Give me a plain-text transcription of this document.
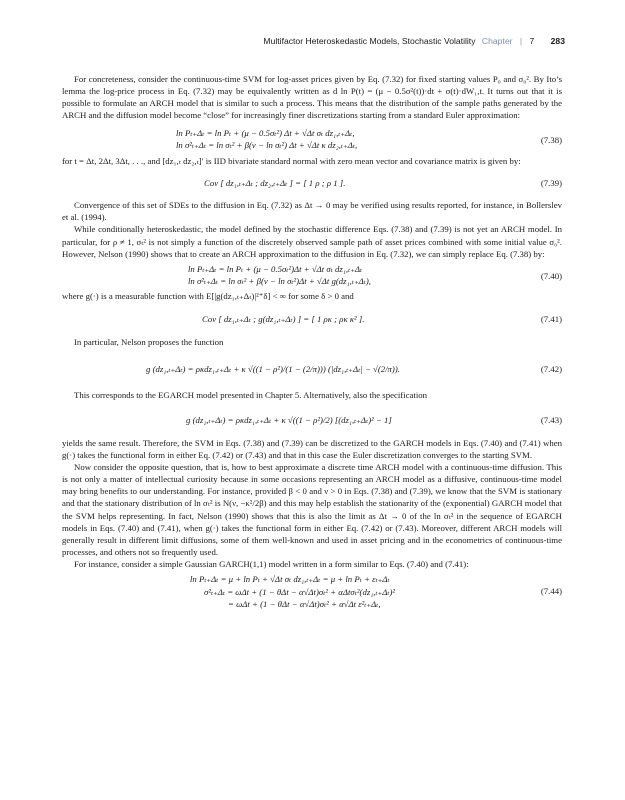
Multifactor Heteroskedastic Models, Stochastic Volatility Chapter | 7 283

For concreteness, consider the continuous-time SVM for log-asset prices given by Eq. (7.32) for fixed starting values P₀ and σ₀². By Ito’s lemma the log-price process in Eq. (7.32) may be equivalently written as d ln P(t) = (μ − 0.5σ²(t))·dt + σ(t)·dW₁,t. It turns out that it is possible to formulate an ARCH model that is similar to such a process. This means that the distribution of the sample paths generated by the ARCH and the diffusion model become “close” for increasingly finer discretizations starting from a standard Euler approximation:

(7.38)
ln Pₜ₊Δₜ = ln Pₜ + (μ − 0.5σₜ²) Δt + √Δt σₜ dz₁,ₜ₊Δₜ,
ln σ²ₜ₊Δₜ = ln σₜ² + β(ν − ln σₜ²) Δt + √Δt κ dz₂,ₜ₊Δₜ,

for t = Δt, 2Δt, 3Δt, . . ., and [dz₁,ₜ dz₂,ₜ]′ is IID bivariate standard normal with zero mean vector and covariance matrix is given by:

(7.39)
Cov [ dz₁,ₜ₊Δₜ ; dz₂,ₜ₊Δₜ ] = [ 1 ρ ; ρ 1 ].

Convergence of this set of SDEs to the diffusion in Eq. (7.32) as Δt → 0 may be verified using results reported, for instance, in Bollerslev et al. (1994).

While conditionally heteroskedastic, the model defined by the stochastic difference Eqs. (7.38) and (7.39) is not yet an ARCH model. In particular, for ρ ≠ 1, σₜ² is not simply a function of the discretely observed sample path of asset prices combined with some initial value σ₀². However, Nelson (1990) shows that to create an ARCH approximation to the diffusion in Eq. (7.32), we can simply replace Eq. (7.38) by:

(7.40)
ln Pₜ₊Δₜ = ln Pₜ + (μ − 0.5σₜ²)Δt + √Δt σₜ dz₁,ₜ₊Δₜ
ln σ²ₜ₊Δₜ = ln σₜ² + β(ν − ln σₜ²)Δt + √Δt g(dz₁,ₜ₊Δₜ),

where g(·) is a measurable function with E[|g(dz₁,ₜ₊Δₜ)|²⁺δ] < ∞ for some δ > 0 and

(7.41)
Cov [ dz₁,ₜ₊Δₜ ; g(dz₁,ₜ₊Δₜ) ] = [ 1 ρκ ; ρκ κ² ].

In particular, Nelson proposes the function

(7.42)
g (dz₁,ₜ₊Δₜ) = ρκdz₁,ₜ₊Δₜ + κ √((1 − ρ²)/(1 − (2/π))) (|dz₁,ₜ₊Δₜ| − √(2/π)).

This corresponds to the EGARCH model presented in Chapter 5. Alternatively, also the specification

(7.43)
g (dz₁,ₜ₊Δₜ) = ρκdz₁,ₜ₊Δₜ + κ √((1 − ρ²)/2) [(dz₁,ₜ₊Δₜ)² − 1]

yields the same result. Therefore, the SVM in Eqs. (7.38) and (7.39) can be discretized to the GARCH models in Eqs. (7.40) and (7.41) when g(·) takes the functional form in either Eq. (7.42) or (7.43) and that in this case the Euler discretization converges to the starting SVM.

Now consider the opposite question, that is, how to best approximate a discrete time ARCH model with a continuous-time diffusion. This is not only a matter of intellectual curiosity because in some occasions representing an ARCH model as a diffusive, continuous-time model may bring benefits to our understanding. For instance, provided β < 0 and ν > 0 in Eqs. (7.38) and (7.39), we know that the SVM is stationary and that the stationary distribution of ln σₜ² is N(ν, −κ²/2β) and this may help establish the stationarity of the (exponential) GARCH model that the SVM helps representing. In fact, Nelson (1990) shows that this is also the limit as Δt → 0 of the ln σₜ² in the sequence of EGARCH models in Eqs. (7.40) and (7.41), when g(·) takes the functional form in either Eq. (7.42) or (7.43). Moreover, different ARCH models will generally result in different limit diffusions, some of them well-known and used in asset pricing and in the econometrics of continuous-time processes, and others not so frequently used.

For instance, consider a simple Gaussian GARCH(1,1) model written in a form similar to Eqs. (7.40) and (7.41):

(7.44)
ln Pₜ₊Δₜ = μ + ln Pₜ + √Δt σₜ dz₁,ₜ₊Δₜ = μ + ln Pₜ + εₜ₊Δₜ
σ²ₜ₊Δₜ = ωΔt + (1 − θΔt − α√Δt)σₜ² + αΔtσₜ²(dz₁,ₜ₊Δₜ)²
= ωΔt + (1 − θΔt − α√Δt)σₜ² + α√Δt ε²ₜ₊Δₜ,
